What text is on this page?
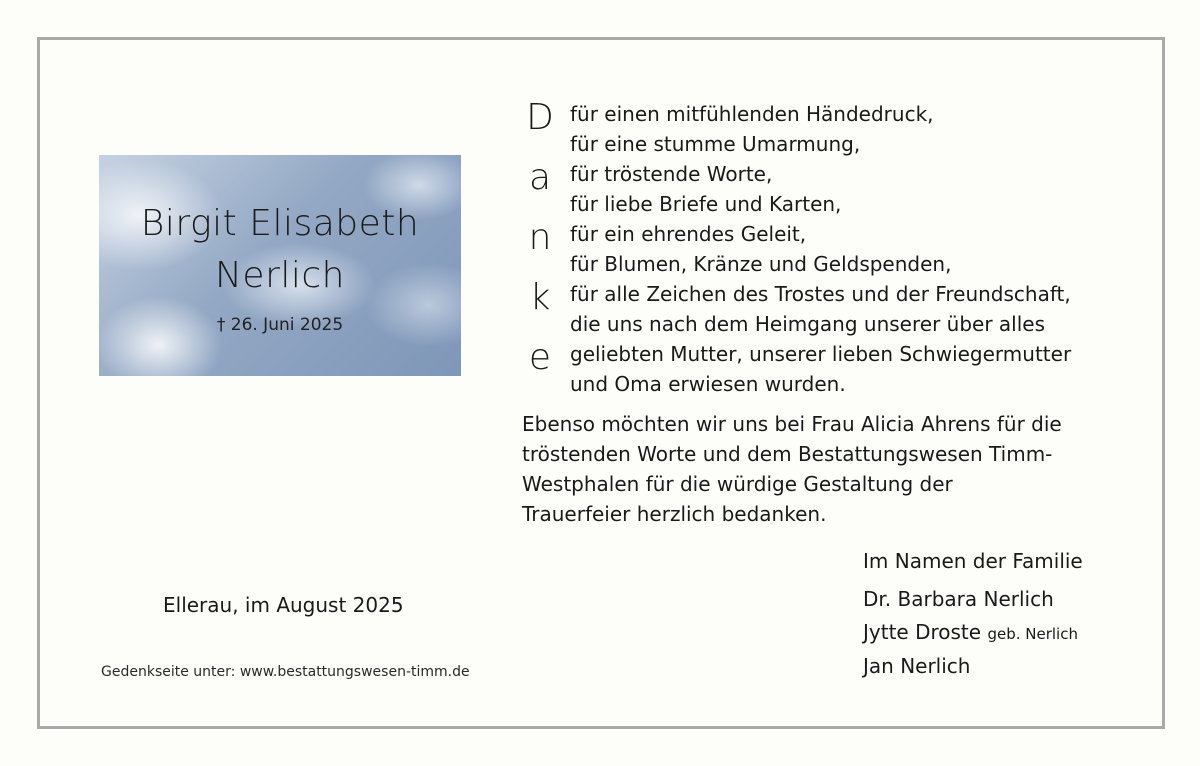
Birgit Elisabeth
Nerlich
† 26. Juni 2025
Ellerau, im August 2025
Gedenkseite unter: www.bestattungswesen-timm.de
D
a
n
k
e
für einen mitfühlenden Händedruck,
für eine stumme Umarmung,
für tröstende Worte,
für liebe Briefe und Karten,
für ein ehrendes Geleit,
für Blumen, Kränze und Geldspenden,
für alle Zeichen des Trostes und der Freundschaft,
die uns nach dem Heimgang unserer über alles
geliebten Mutter, unserer lieben Schwiegermutter
und Oma erwiesen wurden.
Ebenso möchten wir uns bei Frau Alicia Ahrens für die
tröstenden Worte und dem Bestattungswesen Timm-
Westphalen für die würdige Gestaltung der
Trauerfeier herzlich bedanken.
Im Namen der Familie
Dr. Barbara Nerlich
Jytte Droste geb. Nerlich
Jan Nerlich
